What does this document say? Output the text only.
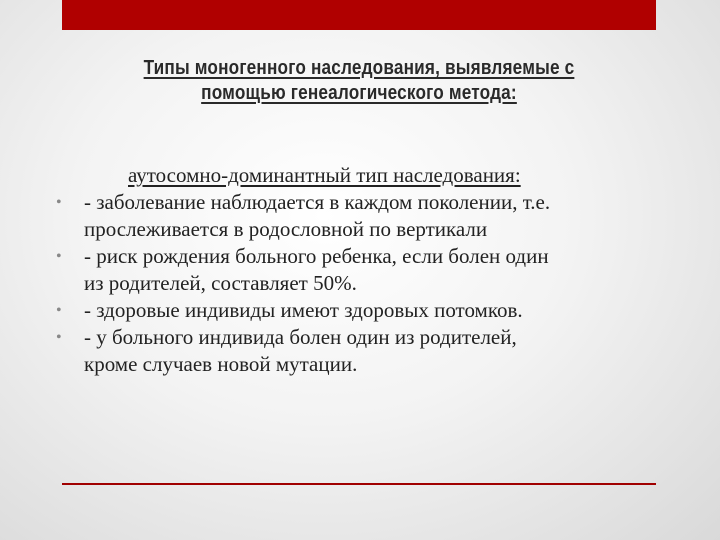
Типы моногенного наследования, выявляемые с
помощью генеалогического метода:
аутосомно-доминантный тип наследования:
• - заболевание наблюдается в каждом поколении, т.е.
прослеживается в родословной по вертикали
• - риск рождения больного ребенка, если болен один
из родителей, составляет 50%.
• - здоровые индивиды имеют здоровых потомков.
• - у больного индивида болен один из родителей,
кроме случаев новой мутации.
